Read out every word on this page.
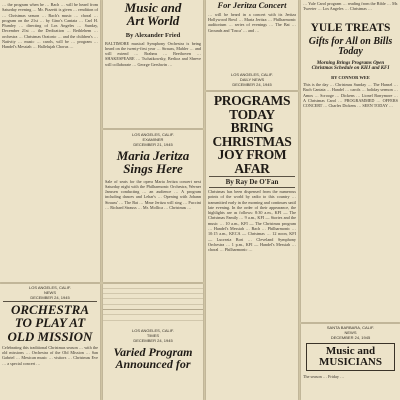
… the program when he … Bach … will be heard from Saturday evening … Mr. Pizzetti is given … rendition of … Christmas season … Bach's music … choral … program on the 21st … by Gino's Cantata … Carl H. Plumley … directing of Los Angeles … Sunday, December 21st … the Dedication … Bethlehem … orchestra … Christmas Oratorio … and the children's … Nativity … music … carols, will be … program … Handel's Messiah … Hallelujah Chorus …
LOS ANGELES, CALIF.
NEWS
DECEMBER 24, 1945
ORCHESTRA TO PLAY AT OLD MISSION
Celebrating this traditional Christmas season … with the old missions … Orchestra of the Old Mission … San Gabriel … Mexican music … visitors … Christmas Eve … a special concert …
Music and
Art World
By Alexander Fried
BALTIMORE musical Symphony Orchestra is being heard on the twenty-first year … Strauss, Mahler … and will extend … Brahms … Beethoven … SHAKESPEARE … Tschaikowsky, Berlioz and Shreve will collaborate … George Gershwin …
LOS ANGELES, CALIF.
EXAMINER
DECEMBER 21, 1945
Maria Jeritza
Sings Here
Sale of seats for the opera Maria Jeritza concert next Saturday night with the Philharmonic Orchestra, Werner Janssen conducting … an audience … A program including dances and Lehar's … Opening with Johann Strauss' … The Bat … Mme Jeritza will sing … Puccini … Richard Strauss … Mr. Mollica … Christmas …
LOS ANGELES, CALIF.
TIMES
DECEMBER 24, 1945
Varied Program
Announced for
For Jeritza Concert
… will be heard in a concert with its Jeritza Hollywood Bowl … Maria Jeritza … Philharmonic auditorium … series of evenings … The Bat … Grounds and 'Tosca' … and …
LOS ANGELES, CALIF.
DAILY NEWS
DECEMBER 24, 1945
PROGRAMS TODAY BRING CHRISTMAS JOY FROM AFAR
By Ray De O'Fan
Christmas has been dispensed from the numerous points of the world by radio to this country … transmitted early in the morning and continues until late evening. In the order of their appearance, the highlights are as follows: 8:30 a.m., KFI — The Christmas Family … 9 a.m., KFI — Stories and the music … 10 a.m., KFI — The Christmas program … Handel's Messiah … Bach … Philharmonic … 10:15 a.m., KECA — Christmas … 12 noon, KFI — Lucrezia Bori … Cleveland Symphony Orchestra … 1 p.m., KFI — Handel's Messiah … choral … Philharmonic …
… Yule Carol program … reading from the Bible … Mr. Tweeter … Los Angeles … Christmas …
YULE TREATS
Gifts for All on Bills Today
Morning Brings Programs Open Christmas Schedule on KHJ and KFI
BY CONNOR WEE
This is the day … Christmas Sunday … The Hansel … Bach Cantata … Handel … carols … holiday sermon … Amos … Scrooge … Dickens … Lionel Barrymore … A Christmas Carol … PROGRAMMED … OFFERS CONCERT … Charles Dickens … SEEN TODAY …
SANTA BARBARA, CALIF.
NEWS
DECEMBER 24, 1945
Music and
MUSICIANS
The season … Friday …
